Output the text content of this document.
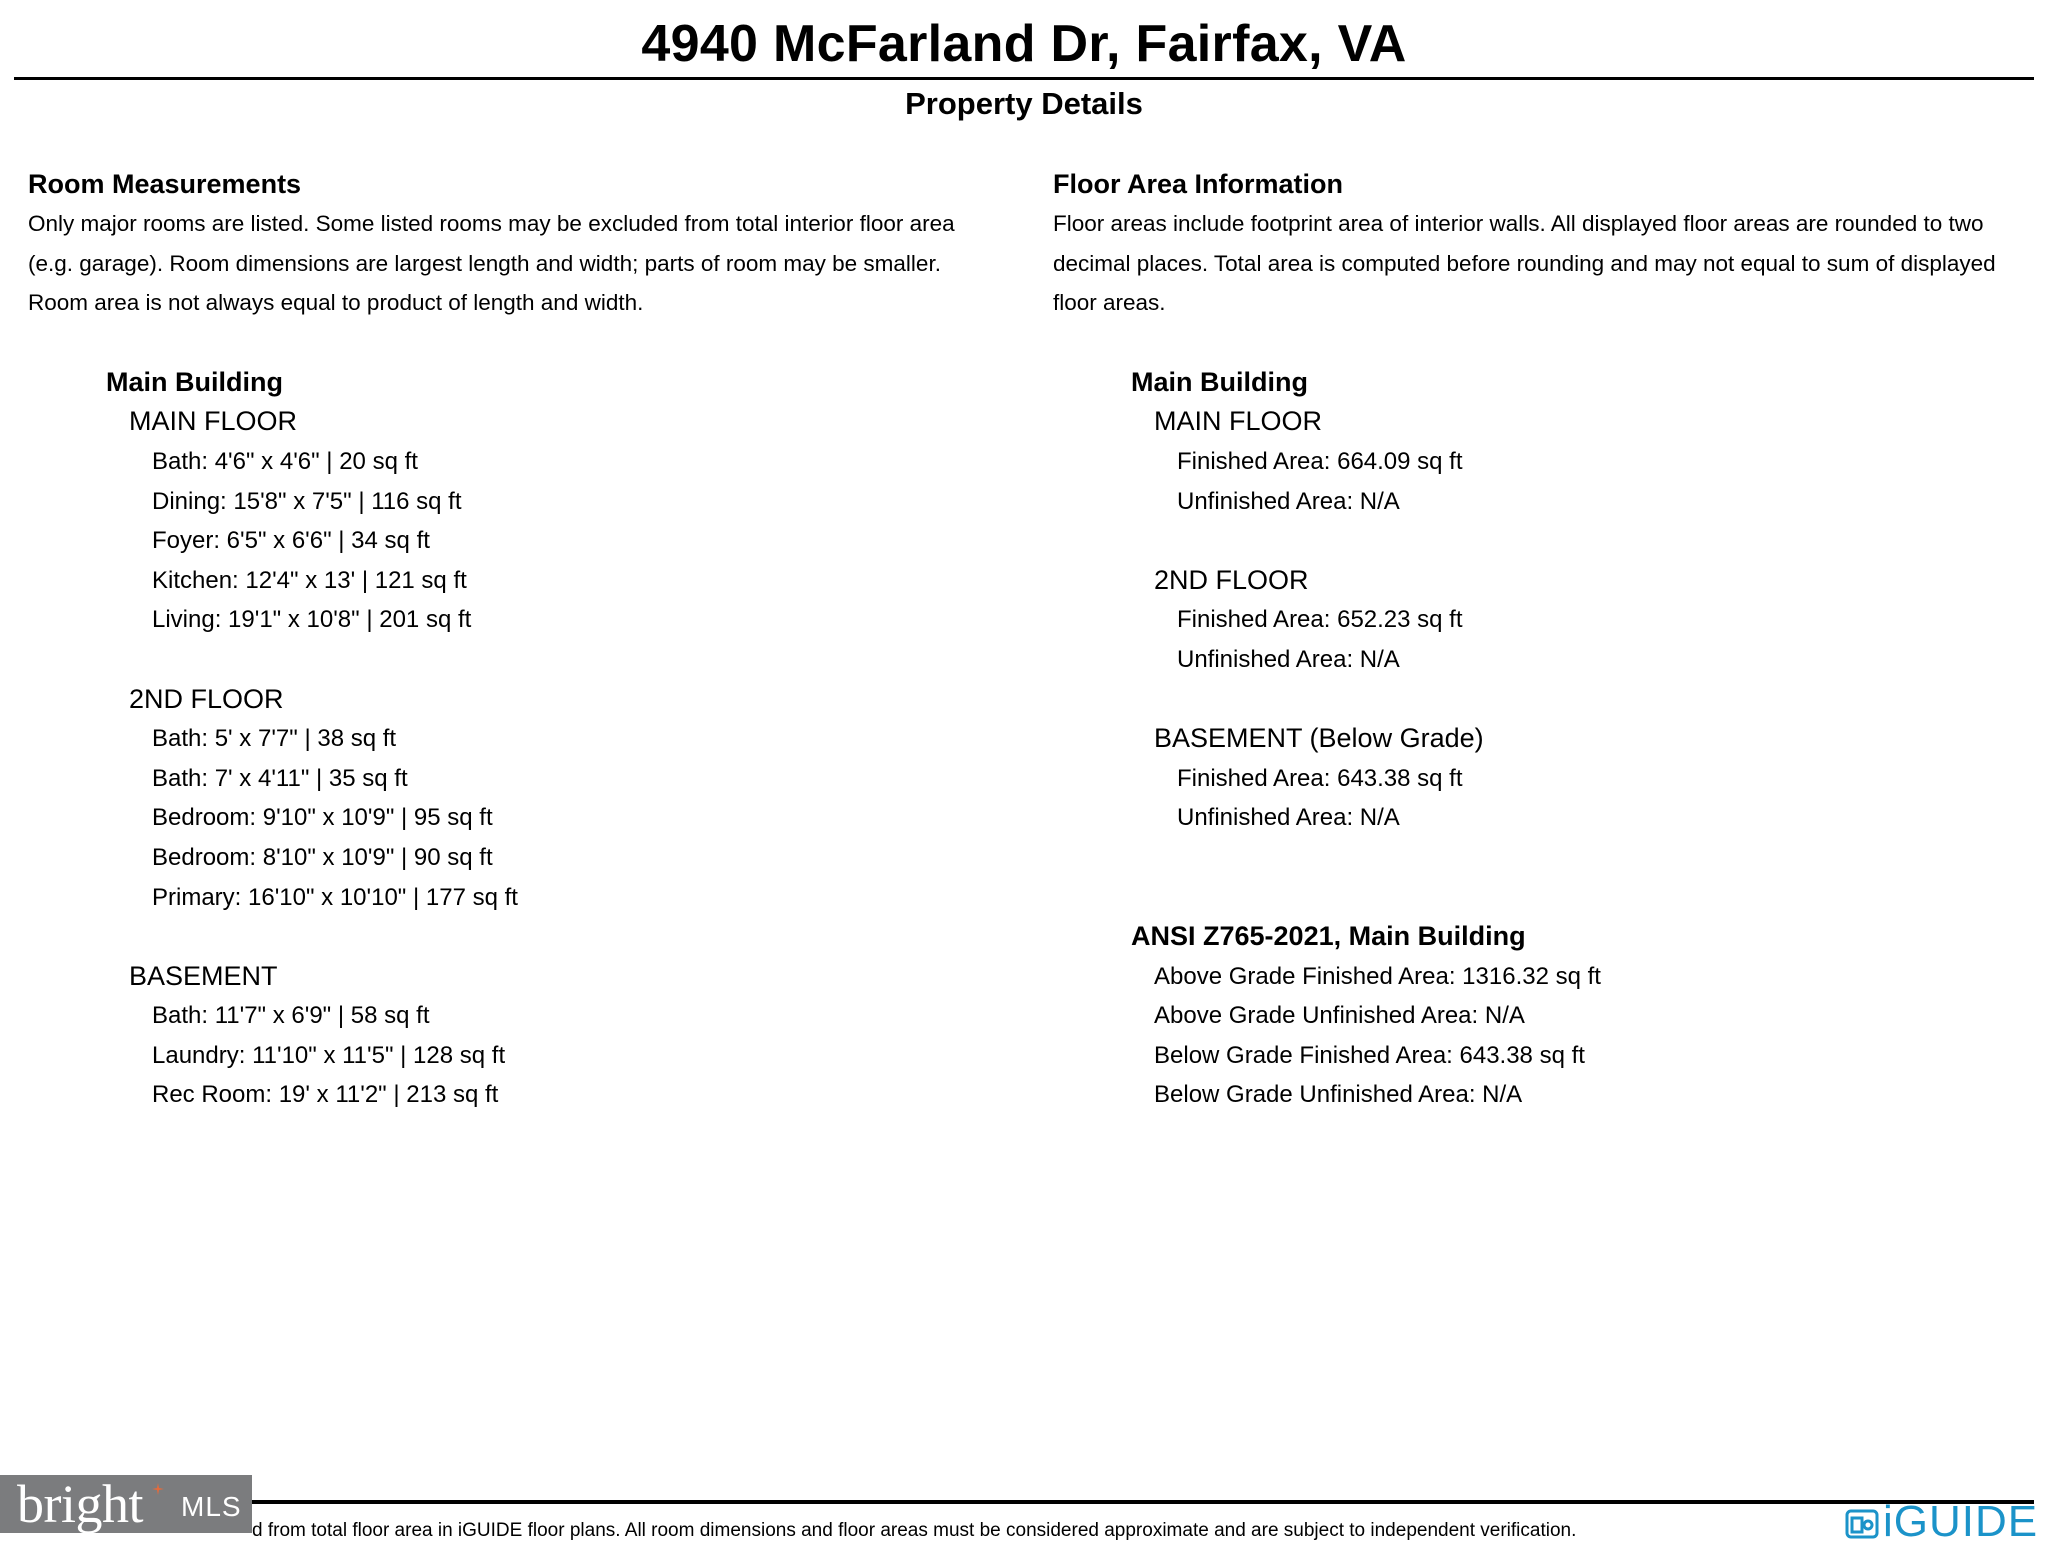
4940 McFarland Dr, Fairfax, VA
Property Details
Room Measurements

Only major rooms are listed. Some listed rooms may be excluded from total interior floor area

(e.g. garage). Room dimensions are largest length and width; parts of room may be smaller.

Room area is not always equal to product of length and width.

Main Building
MAIN FLOOR
Bath: 4'6" x 4'6" | 20 sq ft
Dining: 15'8" x 7'5" | 116 sq ft
Foyer: 6'5" x 6'6" | 34 sq ft
Kitchen: 12'4" x 13' | 121 sq ft
Living: 19'1" x 10'8" | 201 sq ft
2ND FLOOR
Bath: 5' x 7'7" | 38 sq ft
Bath: 7' x 4'11" | 35 sq ft
Bedroom: 9'10" x 10'9" | 95 sq ft
Bedroom: 8'10" x 10'9" | 90 sq ft
Primary: 16'10" x 10'10" | 177 sq ft
BASEMENT
Bath: 11'7" x 6'9" | 58 sq ft
Laundry: 11'10" x 11'5" | 128 sq ft
Rec Room: 19' x 11'2" | 213 sq ft
Floor Area Information

Floor areas include footprint area of interior walls. All displayed floor areas are rounded to two

decimal places. Total area is computed before rounding and may not equal to sum of displayed

floor areas.

Main Building
MAIN FLOOR
Finished Area: 664.09 sq ft
Unfinished Area: N/A
2ND FLOOR
Finished Area: 652.23 sq ft
Unfinished Area: N/A
BASEMENT (Below Grade)
Finished Area: 643.38 sq ft
Unfinished Area: N/A
ANSI Z765-2021, Main Building
Above Grade Finished Area: 1316.32 sq ft
Above Grade Unfinished Area: N/A
Below Grade Finished Area: 643.38 sq ft
Below Grade Unfinished Area: N/A
d from total floor area in iGUIDE floor plans. All room dimensions and floor areas must be considered approximate and are subject to independent verification.
bright MLS	iGUIDE
